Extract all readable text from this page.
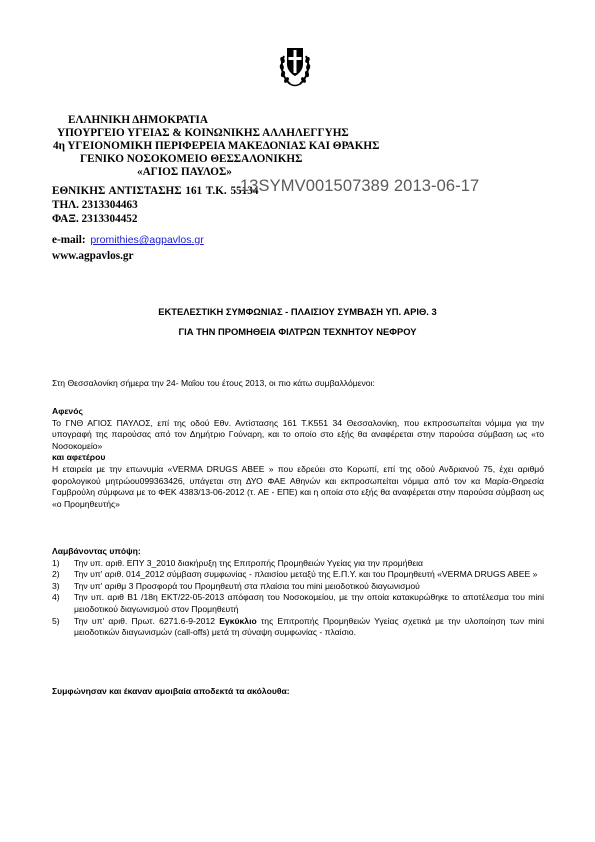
ΕΛΛΗΝΙΚΗ ΔΗΜΟΚΡΑΤΙΑ
ΥΠΟΥΡΓΕΙΟ ΥΓΕΙΑΣ & ΚΟΙΝΩΝΙΚΗΣ ΑΛΛΗΛΕΓΓΥΗΣ
4η ΥΓΕΙΟΝΟΜΙΚΗ ΠΕΡΙΦΕΡΕΙΑ ΜΑΚΕΔΟΝΙΑΣ ΚΑΙ ΘΡΑΚΗΣ
ΓΕΝΙΚΟ ΝΟΣΟΚΟΜΕΙΟ ΘΕΣΣΑΛΟΝΙΚΗΣ
«ΑΓΙΟΣ ΠΑΥΛΟΣ»
ΕΘΝΙΚΗΣ ΑΝΤΙΣΤΑΣΗΣ 161 Τ.Κ. 55134
ΤΗΛ. 2313304463
ΦΑΞ. 2313304452
e-mail: promithies@agpavlos.gr
www.agpavlos.gr
13SYMV001507389 2013-06-17
ΕΚΤΕΛΕΣΤΙΚΗ ΣΥΜΦΩΝΙΑΣ - ΠΛΑΙΣΙΟΥ ΣΥΜΒΑΣΗ ΥΠ. ΑΡΙΘ. 3
ΓΙΑ ΤΗΝ ΠΡΟΜΗΘΕΙΑ ΦΙΛΤΡΩΝ ΤΕΧΝΗΤΟΥ ΝΕΦΡΟΥ
Στη Θεσσαλονίκη σήμερα την 24- Μαΐου του έτους 2013, οι πιο κάτω συμβαλλόμενοι:
Αφενός
Το ΓΝΘ ΑΓΙΟΣ ΠΑΥΛΟΣ, επί της οδού Εθν. Αντίστασης 161 Τ.Κ551 34 Θεσσαλονίκη, που εκπροσωπείται νόμιμα για την υπογραφή της παρούσας από τον Δημήτριο Γούναρη, και το οποίο στο εξής θα αναφέρεται στην παρούσα σύμβαση ως «το Νοσοκομείο»
και αφετέρου
Η εταιρεία με την επωνυμία «VERMA DRUGS ABEE » που εδρεύει στο Κορωπί, επί της οδού Ανδριανού 75, έχει αριθμό φορολογικού μητρώου099363426, υπάγεται στη ΔΥΟ ΦΑΕ Αθηνών και εκπροσωπείται νόμιμα από τον κα Μαρία-Θηρεσία Γαμβρούλη σύμφωνα με το ΦΕΚ 4383/13-06-2012 (τ. ΑΕ - ΕΠΕ) και η οποία στο εξής θα αναφέρεται στην παρούσα σύμβαση ως «ο Προμηθευτής»
Λαμβάνοντας υπόψη:
1) Την υπ. αριθ. ΕΠΥ 3_2010 διακήρυξη της Επιτροπής Προμηθειών Υγείας για την προμήθεια
2) Την υπ' αριθ. 014_2012 σύμβαση συμφωνίας - πλαισίου μεταξύ της Ε.Π.Υ. και του Προμηθευτή «VERMA DRUGS ABEE »
3) Την υπ' αριθμ 3 Προσφορά του Προμηθευτή στα πλαίσια του mini μειοδοτικού διαγωνισμού
4) Την υπ. αριθ Β1 /18η ΕΚΤ/22-05-2013 απόφαση του Νοσοκομείου, με την οποία κατακυρώθηκε το αποτέλεσμα του mini μειοδοτικού διαγωνισμού στον Προμηθευτή
5) Την υπ' αριθ. Πρωτ. 6271.6-9-2012 Εγκύκλιο της Επιτροπής Προμηθειών Υγείας σχετικά με την υλοποίηση των mini μειοδοτικών διαγωνισμών (call-offs) μετά τη σύναψη συμφωνίας - πλαίσιο.
Συμφώνησαν και έκαναν αμοιβαία αποδεκτά τα ακόλουθα:
